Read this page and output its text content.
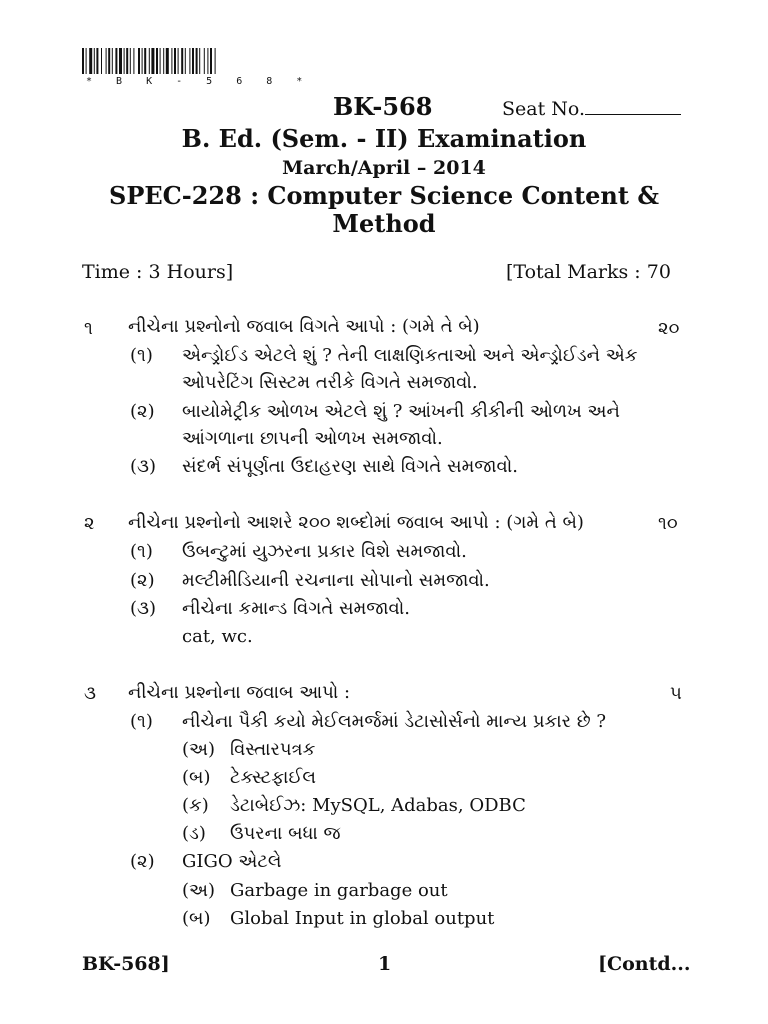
* B K - 5 6 8 *
BK-568	Seat No.
B. Ed. (Sem. - II) Examination
March/April – 2014
SPEC-228 : Computer Science Content &
Method
Time : 3 Hours]	[Total Marks : 70
૧ નીચેના પ્રશ્નોનો જવાબ વિગતે આપો : (ગમે તે બે)	૨૦
(૧) એન્ડ્રોઈડ એટલે શું ? તેની લાક્ષણિકતાઓ અને એન્ડ્રોઈડને એક
ઓપરેટિંગ સિસ્ટમ તરીકે વિગતે સમજાવો.
(૨) બાયોમેટ્રીક ઓળખ એટલે શું ? આંખની કીકીની ઓળખ અને
આંગળાના છાપની ઓળખ સમજાવો.
(૩) સંદર્ભ સંપૂર્ણતા ઉદાહરણ સાથે વિગતે સમજાવો.
૨ નીચેના પ્રશ્નોનો આશરે ૨૦૦ શબ્દોમાં જવાબ આપો : (ગમે તે બે)	૧૦
(૧) ઉબન્ટુમાં યુઝરના પ્રકાર વિશે સમજાવો.
(૨) મલ્ટીમીડિયાની રચનાના સોપાનો સમજાવો.
(૩) નીચેના કમાન્ડ વિગતે સમજાવો.
cat, wc.
૩ નીચેના પ્રશ્નોના જવાબ આપો :	૫
(૧) નીચેના પૈકી કયો મેઈલમર્જમાં ડેટાસોર્સનો માન્ય પ્રકાર છે ?
(અ) વિસ્તારપત્રક
(બ) ટેક્સ્ટફાઈલ
(ક) ડેટાબેઈઝ: MySQL, Adabas, ODBC
(ડ) ઉપરના બધા જ
(૨) GIGO એટલે
(અ) Garbage in garbage out
(બ) Global Input in global output
BK-568]	1	[Contd...
